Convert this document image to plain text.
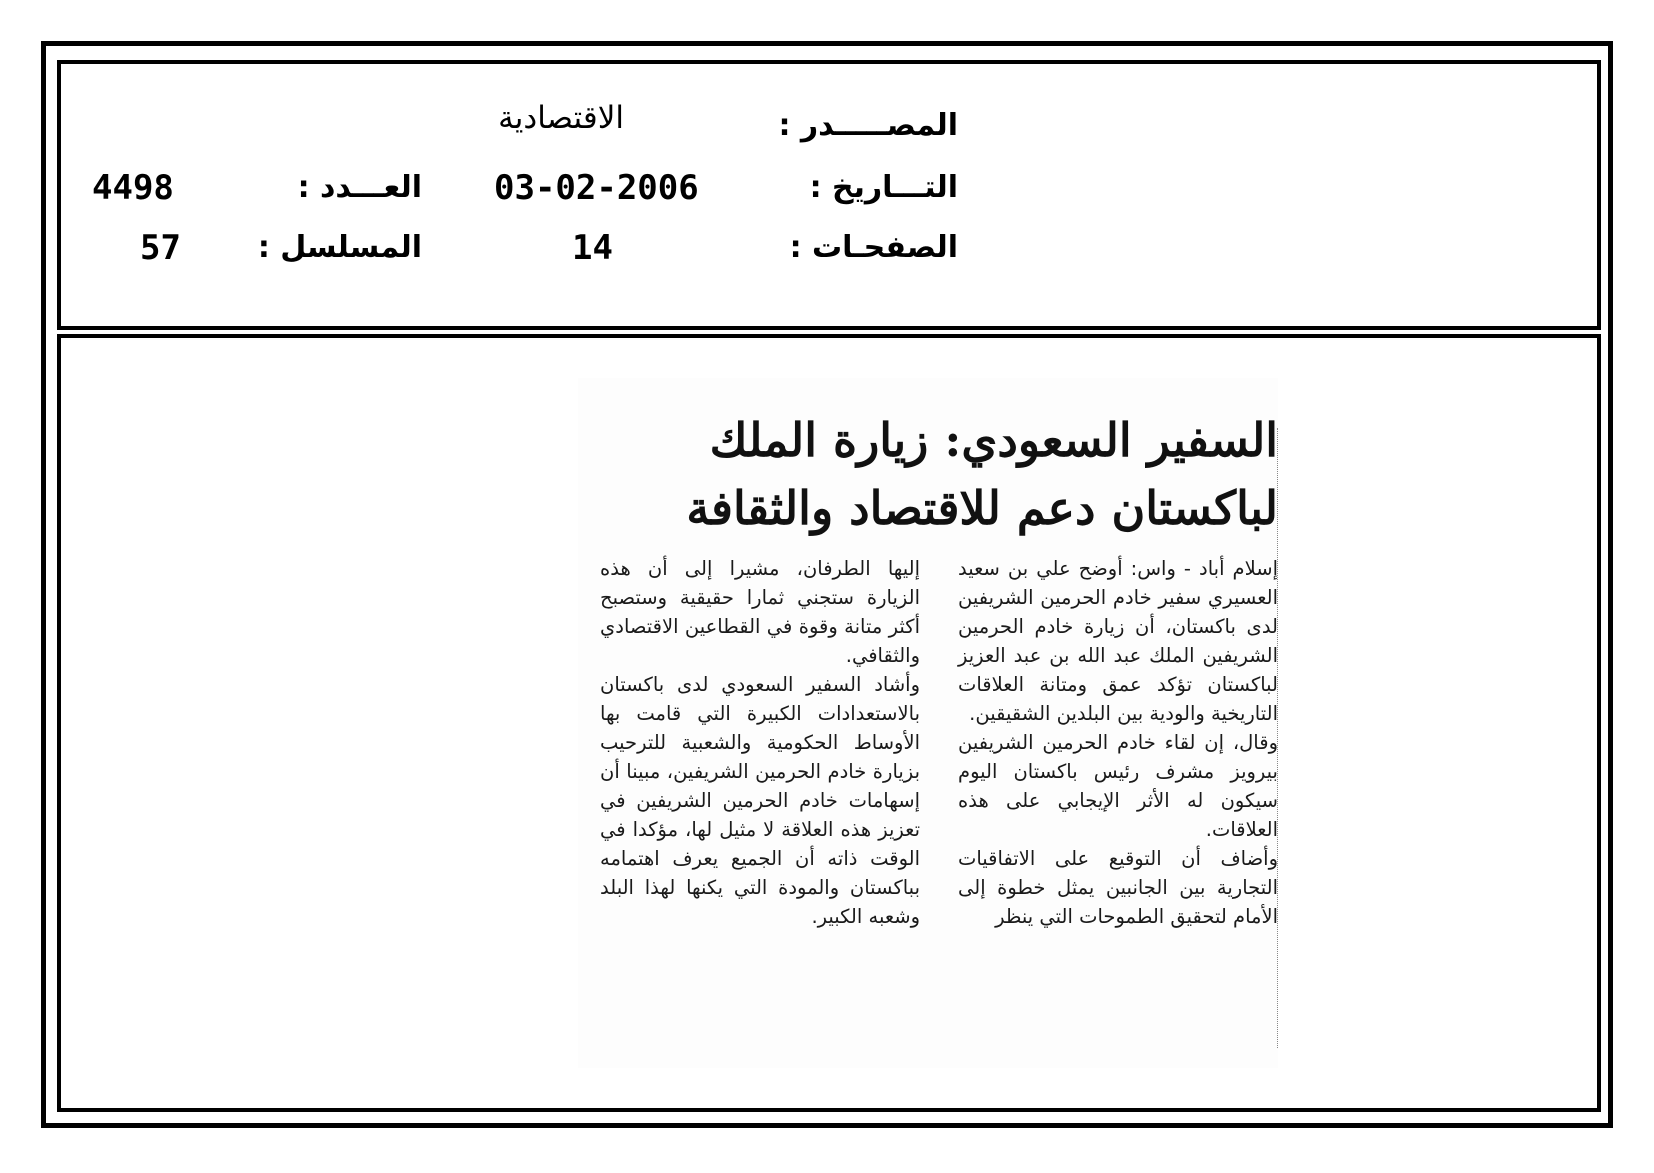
المصـــــدر :
الاقتصادية
التـــاريخ :
03-02-2006
العـــدد :
4498
الصفحـات :
14
المسلسل :
57
السفير السعودي: زيارة الملك
لباكستان دعم للاقتصاد والثقافة

إسلام أباد - واس: أوضح علي بن سعيد العسيري سفير خادم الحرمين الشريفين لدى باكستان، أن زيارة خادم الحرمين الشريفين الملك عبد الله بن عبد العزيز لباكستان تؤكد عمق ومتانة العلاقات التاريخية والودية بين البلدين الشقيقين.

وقال، إن لقاء خادم الحرمين الشريفين بيرويز مشرف رئيس باكستان اليوم سيكون له الأثر الإيجابي على هذه العلاقات.

وأضاف أن التوقيع على الاتفاقيات التجارية بين الجانبين يمثل خطوة إلى الأمام لتحقيق الطموحات التي ينظر

إليها الطرفان، مشيرا إلى أن هذه الزيارة ستجني ثمارا حقيقية وستصبح أكثر متانة وقوة في القطاعين الاقتصادي والثقافي.

وأشاد السفير السعودي لدى باكستان بالاستعدادات الكبيرة التي قامت بها الأوساط الحكومية والشعبية للترحيب بزيارة خادم الحرمين الشريفين، مبينا أن إسهامات خادم الحرمين الشريفين في تعزيز هذه العلاقة لا مثيل لها، مؤكدا في الوقت ذاته أن الجميع يعرف اهتمامه بباكستان والمودة التي يكنها لهذا البلد وشعبه الكبير.
